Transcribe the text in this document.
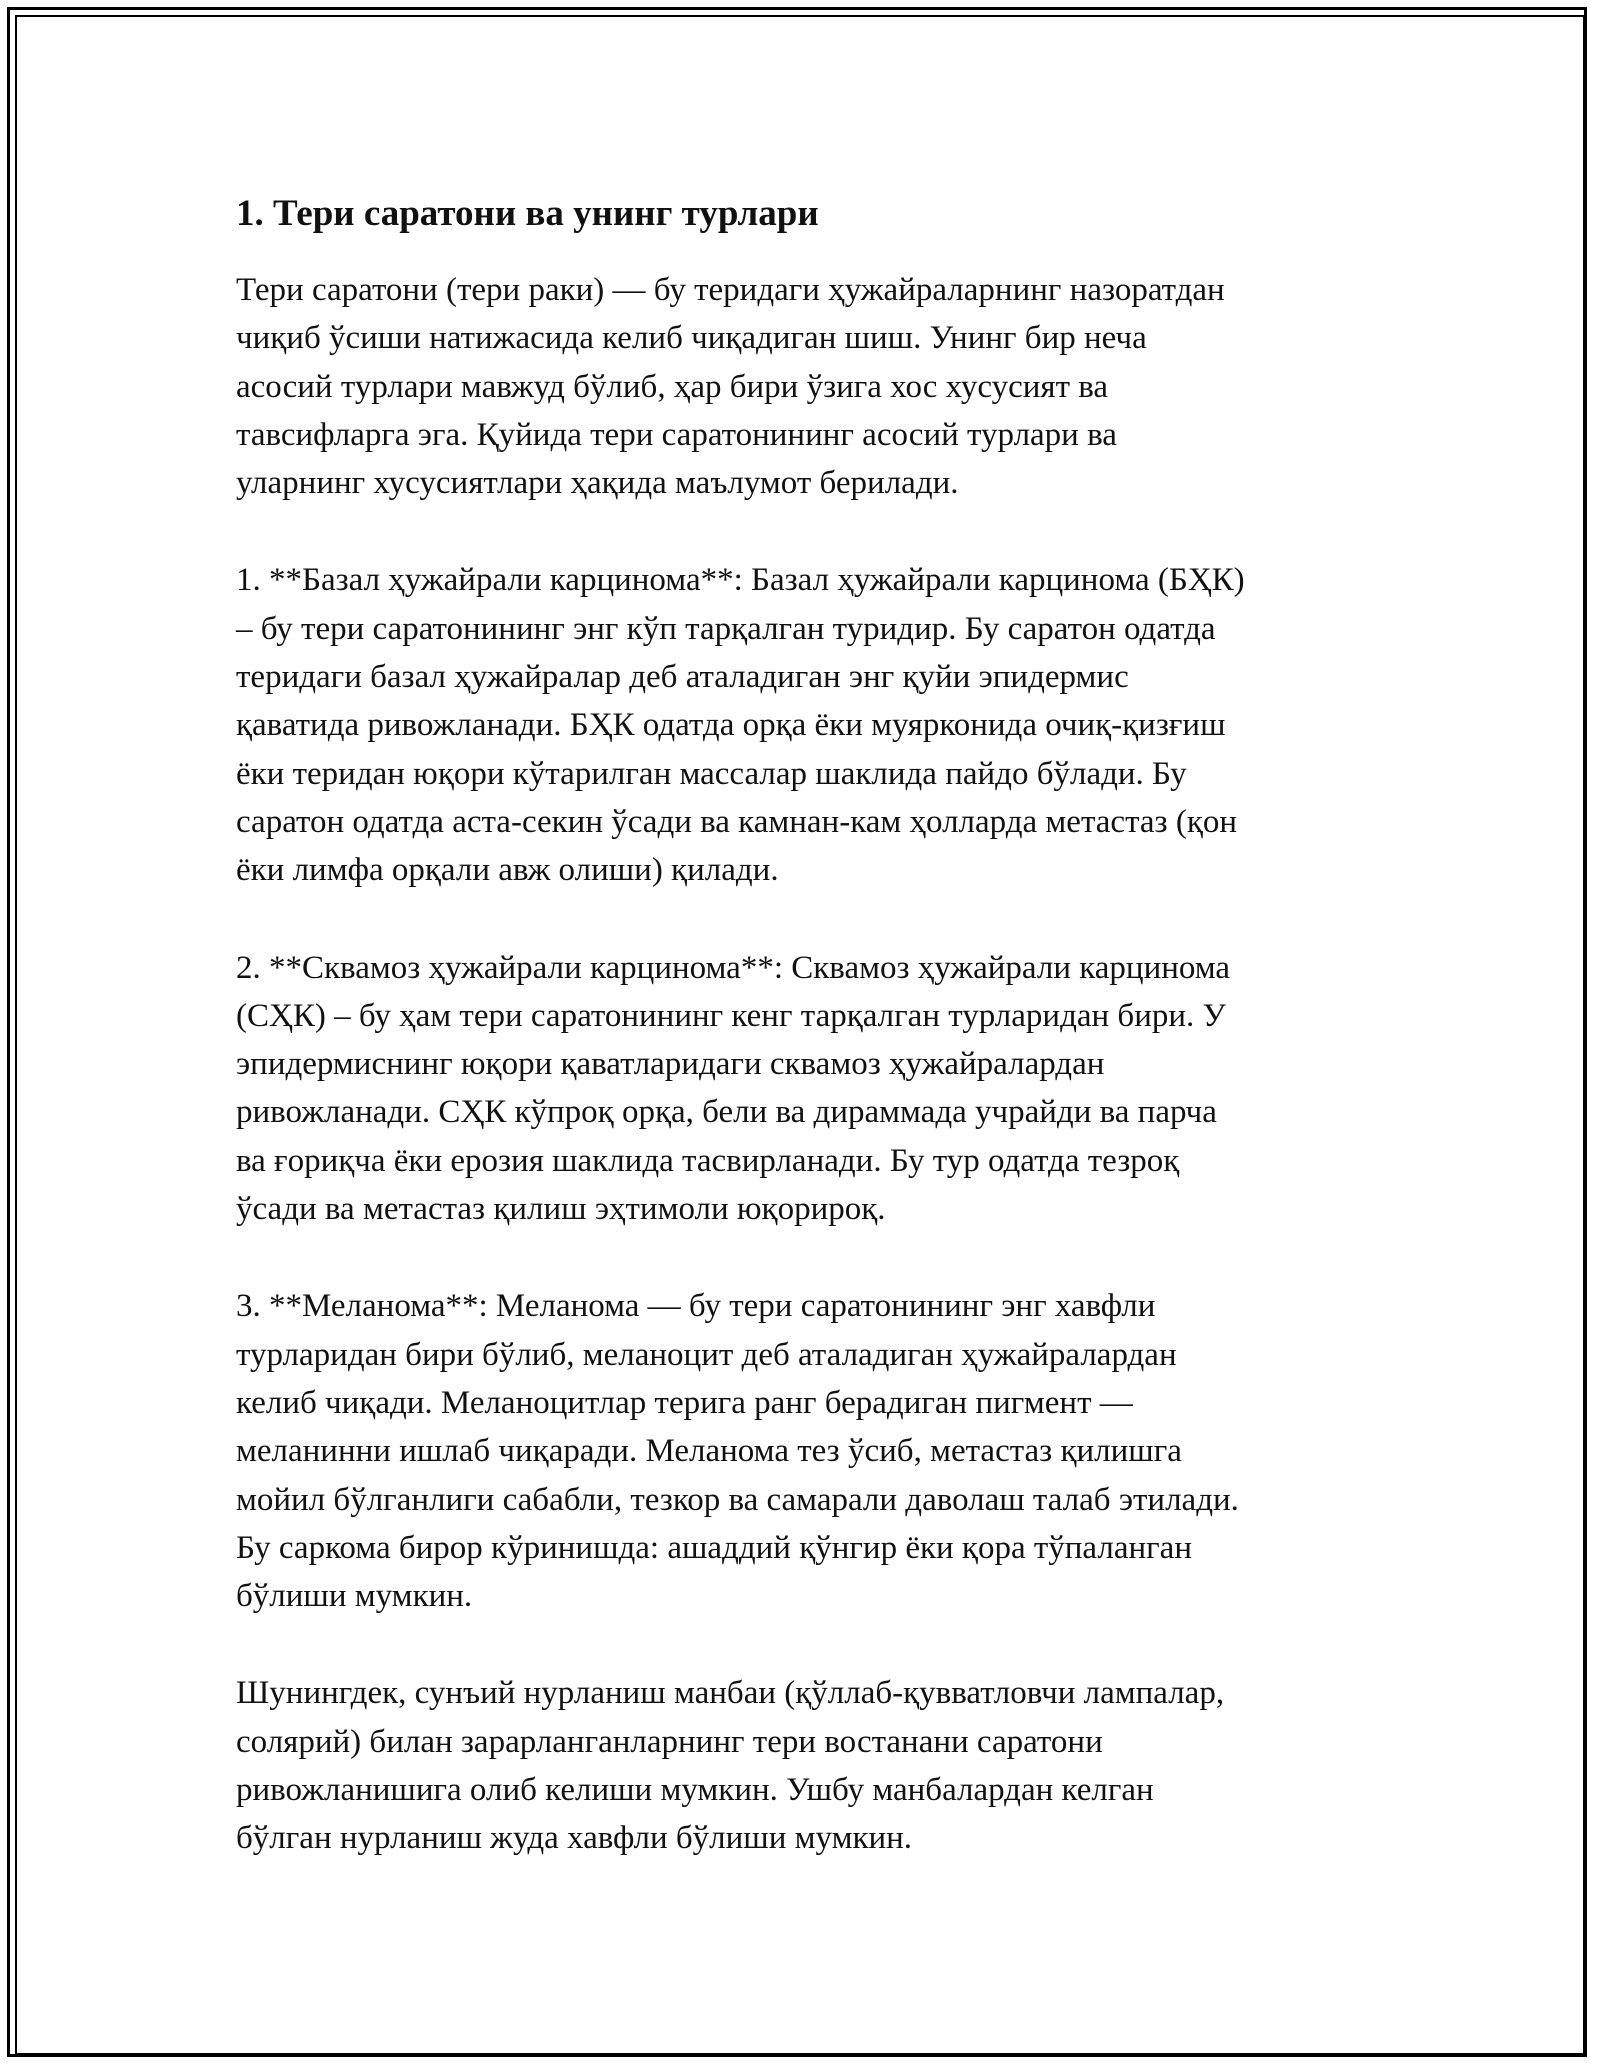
1. Тери саратони ва унинг турлари

Тери саратони (тери раки) — бу теридаги ҳужайраларнинг назоратдан
чиқиб ўсиши натижасида келиб чиқадиган шиш. Унинг бир неча
асосий турлари мавжуд бўлиб, ҳар бири ўзига хос хусусият ва
тавсифларга эга. Қуйида тери саратонининг асосий турлари ва
уларнинг хусусиятлари ҳақида маълумот берилади.

1. **Базал ҳужайрали карцинома**: Базал ҳужайрали карцинома (БҲК)
– бу тери саратонининг энг кўп тарқалган туридир. Бу саратон одатда
теридаги базал ҳужайралар деб аталадиган энг қуйи эпидермис
қаватида ривожланади. БҲК одатда орқа ёки муярконида очиқ-қизғиш
ёки теридан юқори кўтарилган массалар шаклида пайдо бўлади. Бу
саратон одатда аста-секин ўсади ва камнан-кам ҳолларда метастаз (қон
ёки лимфа орқали авж олиши) қилади.

2. **Сквамоз ҳужайрали карцинома**: Сквамоз ҳужайрали карцинома
(СҲК) – бу ҳам тери саратонининг кенг тарқалган турларидан бири. У
эпидермиснинг юқори қаватларидаги сквамоз ҳужайралардан
ривожланади. СҲК кўпроқ орқа, бели ва дираммада учрайди ва парча
ва ғориқча ёки ерозия шаклида тасвирланади. Бу тур одатда тезроқ
ўсади ва метастаз қилиш эҳтимоли юқорироқ.

3. **Меланома**: Меланома — бу тери саратонининг энг хавфли
турларидан бири бўлиб, меланоцит деб аталадиган ҳужайралардан
келиб чиқади. Меланоцитлар терига ранг берадиган пигмент —
меланинни ишлаб чиқаради. Меланома тез ўсиб, метастаз қилишга
мойил бўлганлиги сабабли, тезкор ва самарали даволаш талаб этилади.
Бу саркома бирор кўринишда: ашаддий қўнгир ёки қора тўпаланган
бўлиши мумкин.

Шунингдек, сунъий нурланиш манбаи (қўллаб-қувватловчи лампалар,
солярий) билан зарарланганларнинг тери востанани саратони
ривожланишига олиб келиши мумкин. Ушбу манбалардан келган
бўлган нурланиш жуда хавфли бўлиши мумкин.
